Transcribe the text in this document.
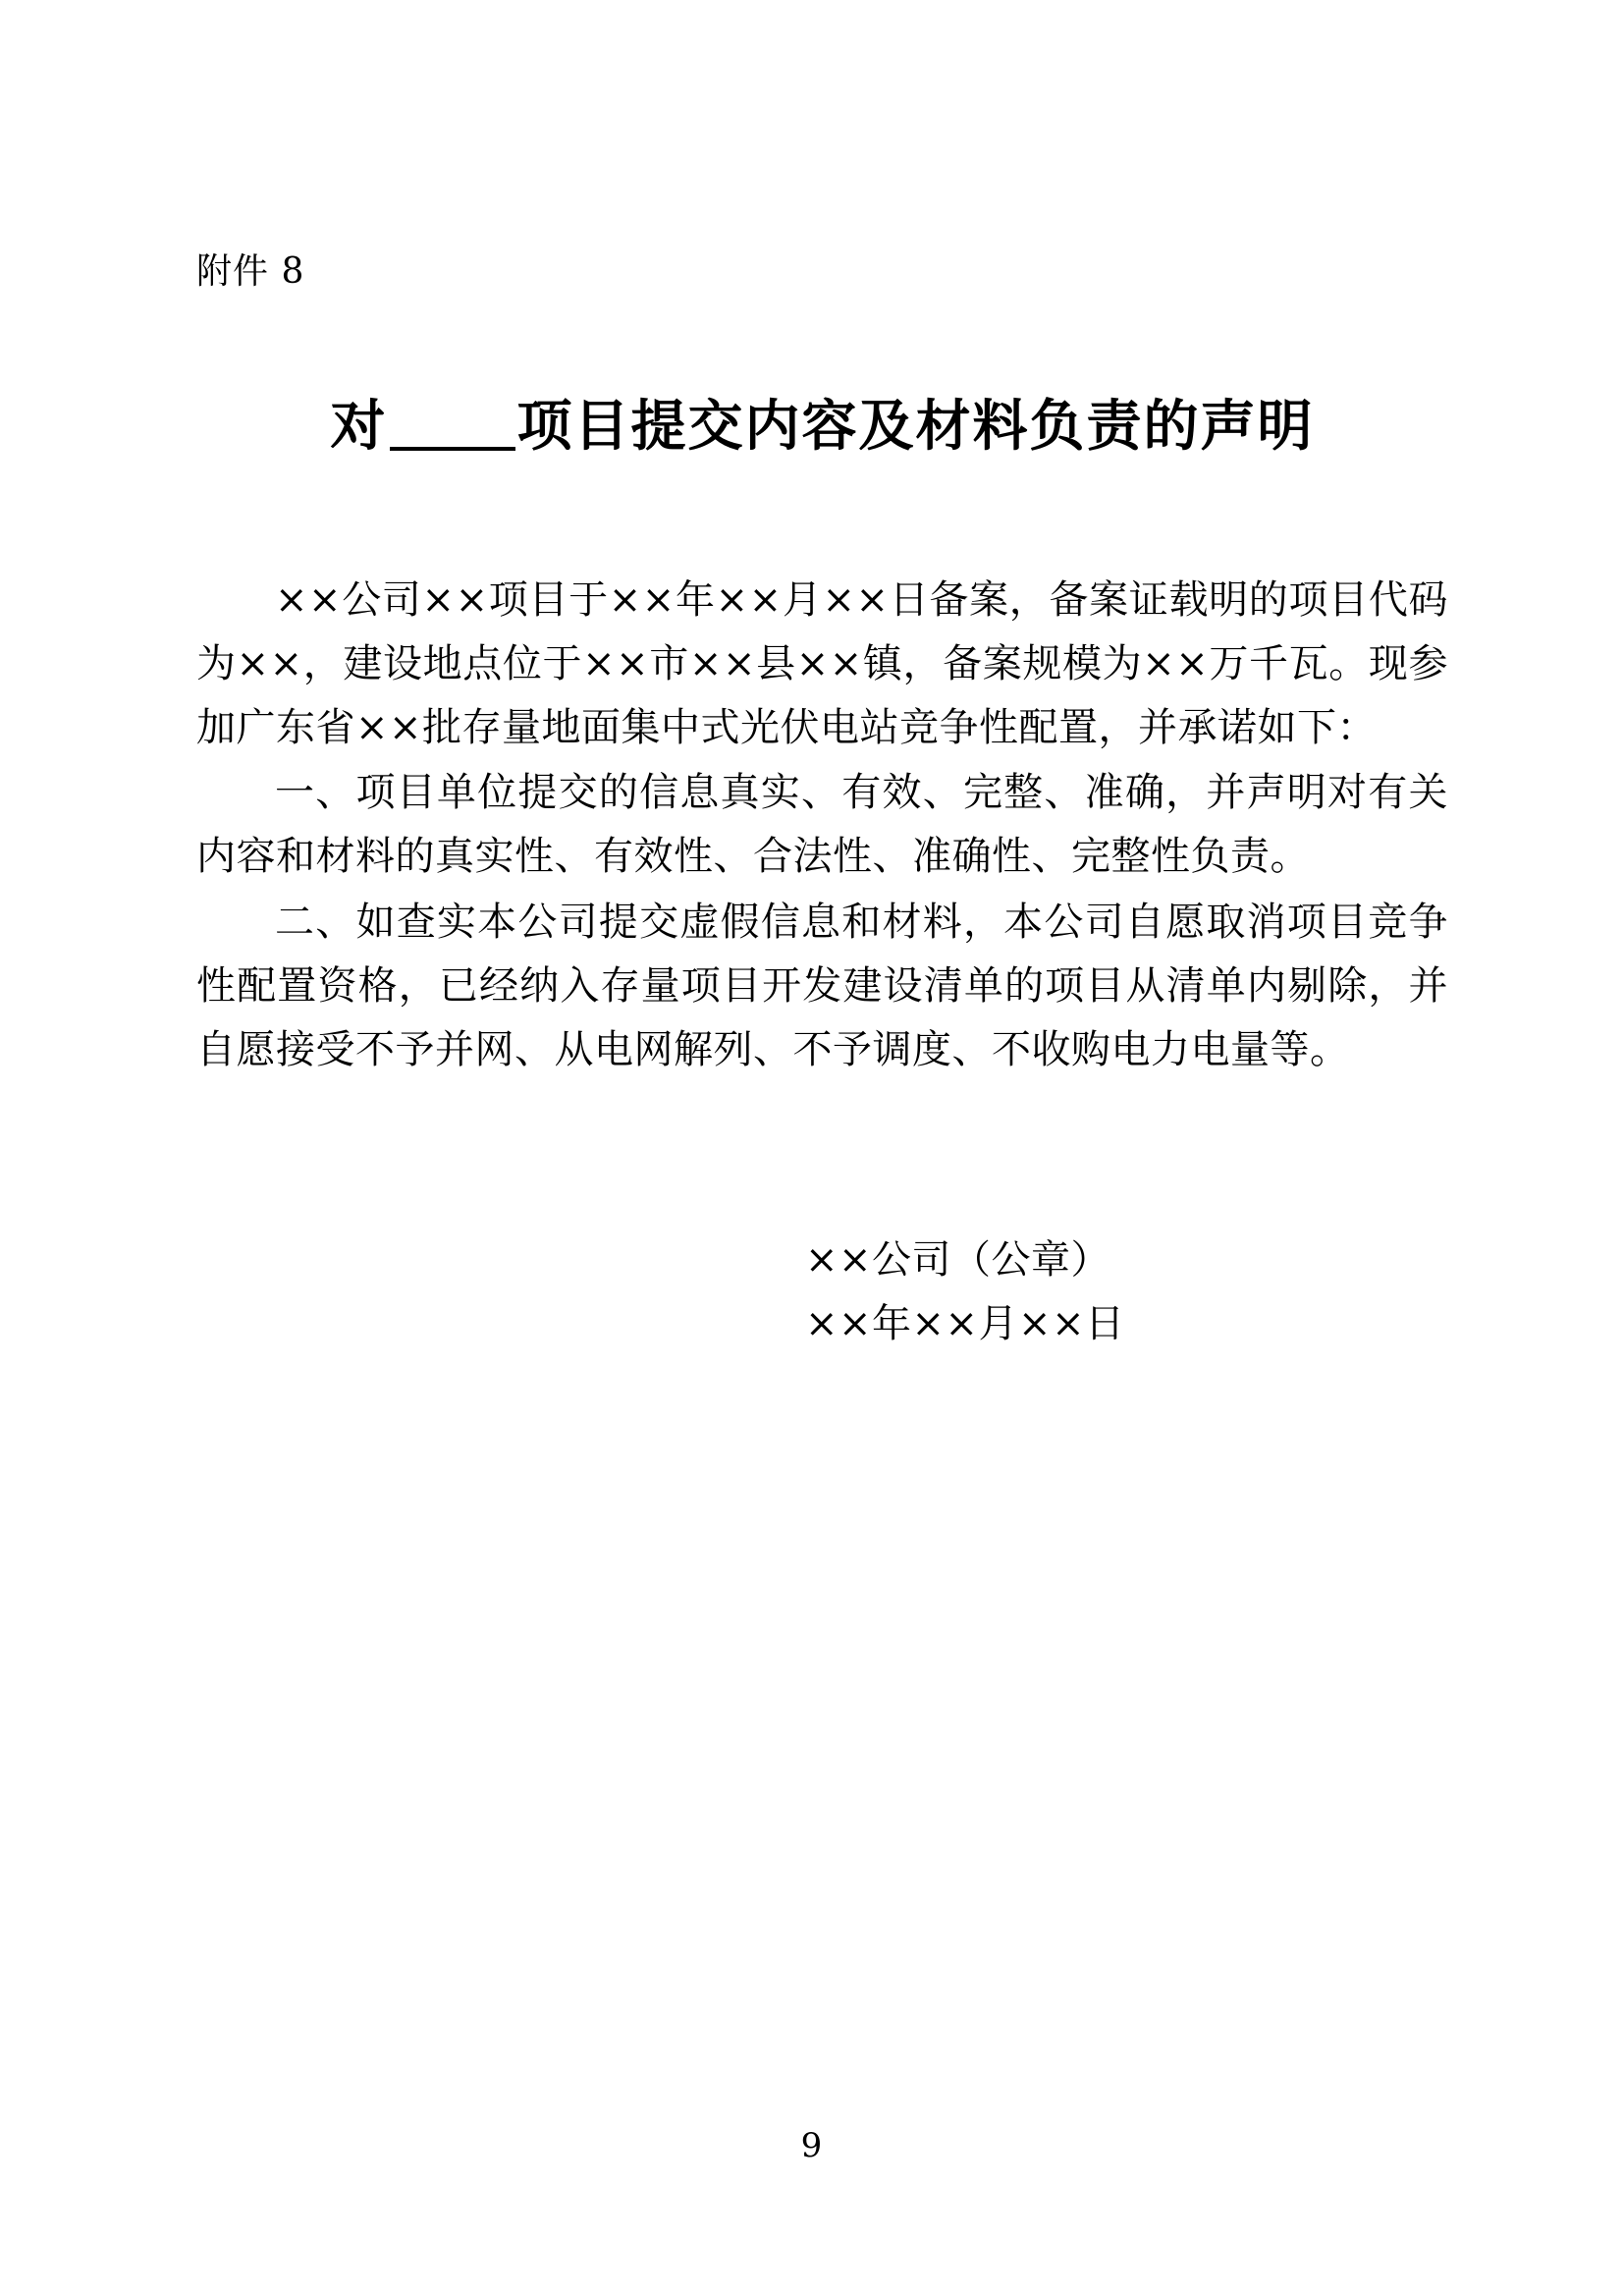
附件 8
对 项目提交内容及材料负责的声明

××公司××项目于××年××月××日备案，备案证载明的项目代码为××，建设地点位于××市××县××镇，备案规模为××万千瓦。现参加广东省××批存量地面集中式光伏电站竞争性配置，并承诺如下：

一、项目单位提交的信息真实、有效、完整、准确，并声明对有关内容和材料的真实性、有效性、合法性、准确性、完整性负责。

二、如查实本公司提交虚假信息和材料，本公司自愿取消项目竞争性配置资格，已经纳入存量项目开发建设清单的项目从清单内剔除，并自愿接受不予并网、从电网解列、不予调度、不收购电力电量等。

××公司（公章）
××年××月××日
9
